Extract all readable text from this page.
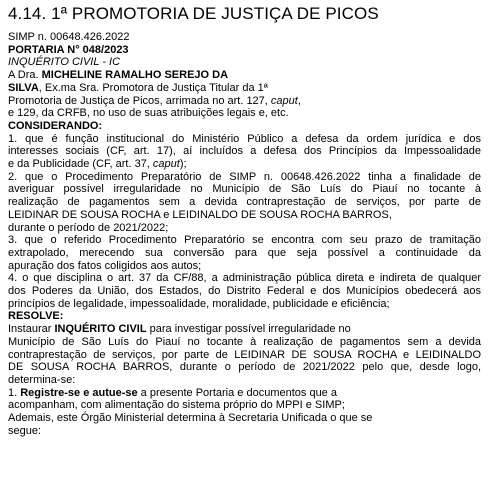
4.14. 1ª PROMOTORIA DE JUSTIÇA DE PICOS
SIMP n. 00648.426.2022
PORTARIA N° 048/2023
INQUÉRITO CIVIL - IC
A Dra. MICHELINE RAMALHO SEREJO DA
SILVA, Ex.ma Sra. Promotora de Justiça Titular da 1ª
Promotoria de Justiça de Picos, arrimada no art. 127, caput,
e 129, da CRFB, no uso de suas atribuições legais e, etc.
CONSIDERANDO:
1. que é função institucional do Ministério Público a defesa da ordem jurídica e dos
interesses sociais (CF, art. 17), aí incluídos a defesa dos Princípios da Impessoalidade
e da Publicidade (CF, art. 37, caput);
2. que o Procedimento Preparatório de SIMP n. 00648.426.2022 tinha a finalidade de
averiguar possível irregularidade no Município de São Luís do Piauí no tocante à
realização de pagamentos sem a devida contraprestação de serviços, por parte de
LEIDINAR DE SOUSA ROCHA e LEIDINALDO DE SOUSA ROCHA BARROS,
durante o período de 2021/2022;
3. que o referido Procedimento Preparatório se encontra com seu prazo de tramitação
extrapolado, merecendo sua conversão para que seja possível a continuidade da
apuração dos fatos coligidos aos autos;
4. o que disciplina o art. 37 da CF/88, a administração pública direta e indireta de qualquer
dos Poderes da União, dos Estados, do Distrito Federal e dos Municípios obedecerá aos
princípios de legalidade, impessoalidade, moralidade, publicidade e eficiência;
RESOLVE:
Instaurar INQUÉRITO CIVIL para investigar possível irregularidade no
Município de São Luís do Piauí no tocante à realização de pagamentos sem a devida
contraprestação de serviços, por parte de LEIDINAR DE SOUSA ROCHA e LEIDINALDO
DE SOUSA ROCHA BARROS, durante o período de 2021/2022 pelo que, desde logo,
determina-se:
1. Registre-se e autue-se a presente Portaria e documentos que a
acompanham, com alimentação do sistema próprio do MPPI e SIMP;
Ademais, este Órgão Ministerial determina à Secretaria Unificada o que se
segue:
